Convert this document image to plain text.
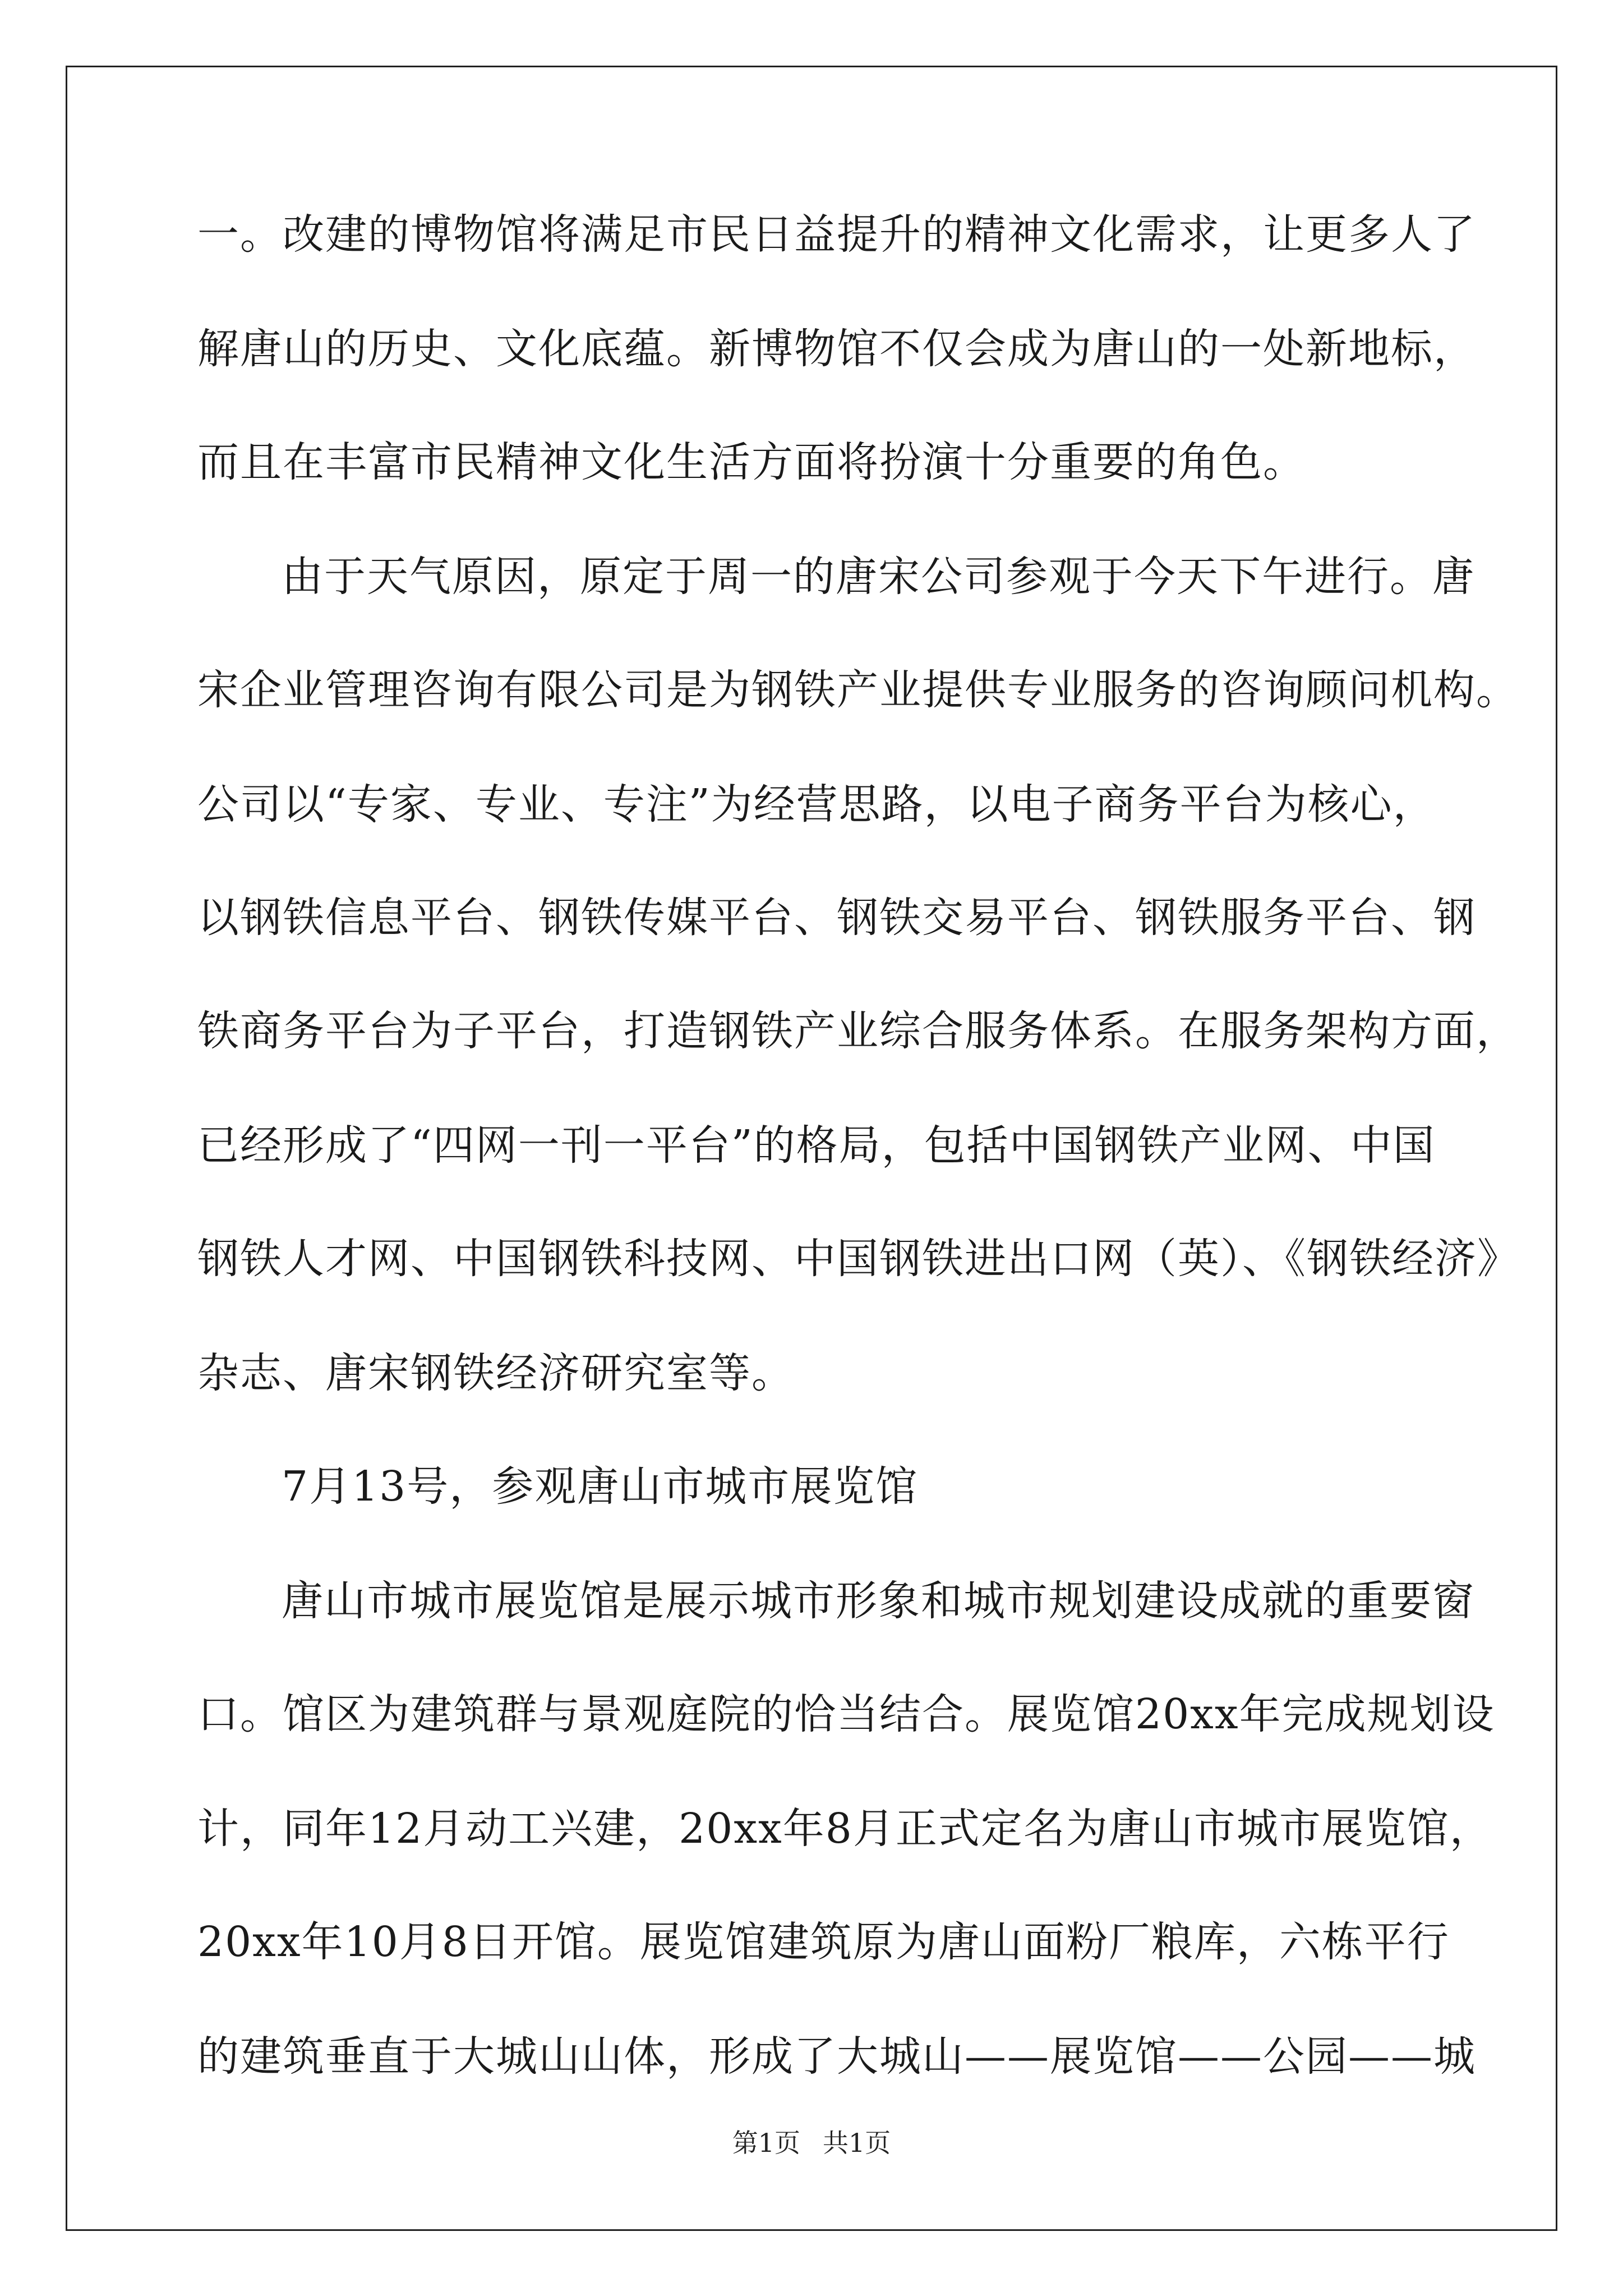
一。改建的博物馆将满足市民日益提升的精神文化需求，让更多人了
解唐山的历史、文化底蕴。新博物馆不仅会成为唐山的一处新地标，
而且在丰富市民精神文化生活方面将扮演十分重要的角色。
由于天气原因，原定于周一的唐宋公司参观于今天下午进行。唐
宋企业管理咨询有限公司是为钢铁产业提供专业服务的咨询顾问机构。
公司以“专家、专业、专注”为经营思路，以电子商务平台为核心，
以钢铁信息平台、钢铁传媒平台、钢铁交易平台、钢铁服务平台、钢
铁商务平台为子平台，打造钢铁产业综合服务体系。在服务架构方面，
已经形成了“四网一刊一平台”的格局，包括中国钢铁产业网、中国
钢铁人才网、中国钢铁科技网、中国钢铁进出口网（英）、《钢铁经济》
杂志、唐宋钢铁经济研究室等。
7月13号，参观唐山市城市展览馆
唐山市城市展览馆是展示城市形象和城市规划建设成就的重要窗
口。馆区为建筑群与景观庭院的恰当结合。展览馆20xx年完成规划设
计，同年12月动工兴建，20xx年8月正式定名为唐山市城市展览馆，
20xx年10月8日开馆。展览馆建筑原为唐山面粉厂粮库，六栋平行
的建筑垂直于大城山山体，形成了大城山——展览馆——公园——城
第1页 共1页
